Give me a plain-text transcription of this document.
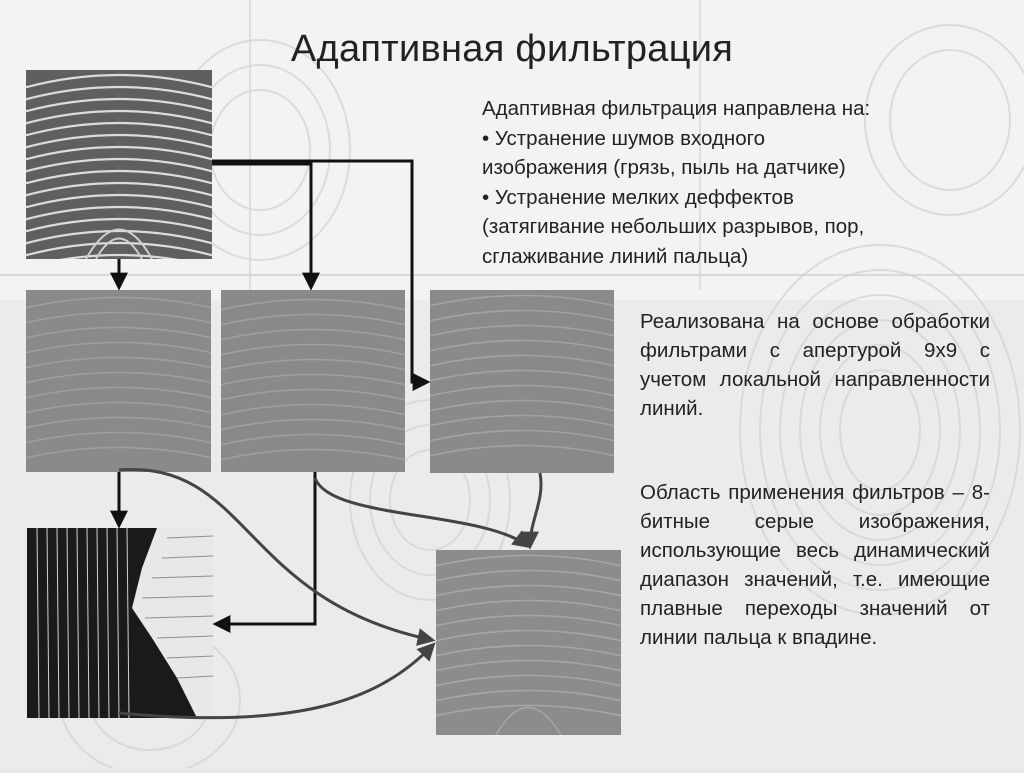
Адаптивная фильтрация
Адаптивная фильтрация направлена на:
• Устранение шумов входного
изображения (грязь, пыль на датчике)
• Устранение мелких деффектов
(затягивание небольших разрывов, пор,
сглаживание линий пальца)
Реализована на основе обработки фильтрами с апертурой 9х9 с учетом локальной направленности линий.
Область применения фильтров – 8-битные серые изображения, использующие весь динамический диапазон значений, т.е. имеющие плавные переходы значений от линии пальца к впадине.
